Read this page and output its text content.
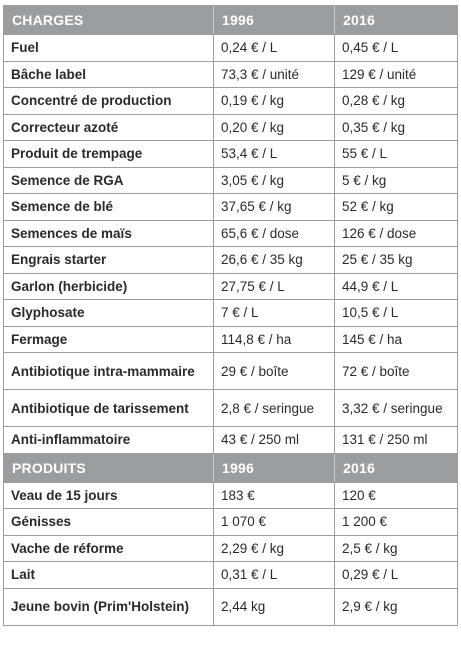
CHARGES	1996	2016
Fuel	0,24 € / L	0,45 € / L
Bâche label	73,3 € / unité	129 € / unité
Concentré de production	0,19 € / kg	0,28 € / kg
Correcteur azoté	0,20 € / kg	0,35 € / kg
Produit de trempage	53,4 € / L	55 € / L
Semence de RGA	3,05 € / kg	5 € / kg
Semence de blé	37,65 € / kg	52 € / kg
Semences de maïs	65,6 € / dose	126 € / dose
Engrais starter	26,6 € / 35 kg	25 € / 35 kg
Garlon (herbicide)	27,75 € / L	44,9 € / L
Glyphosate	7 € / L	10,5 € / L
Fermage	114,8 € / ha	145 € / ha
Antibiotique intra-mammaire	29 € / boîte	72 € / boîte
Antibiotique de tarissement	2,8 € / seringue	3,32 € / seringue
Anti-inflammatoire	43 € / 250 ml	131 € / 250 ml
PRODUITS	1996	2016
Veau de 15 jours	183 €	120 €
Génisses	1 070 €	1 200 €
Vache de réforme	2,29 € / kg	2,5 € / kg
Lait	0,31 € / L	0,29 € / L
Jeune bovin (Prim'Holstein)	2,44 kg	2,9 € / kg
